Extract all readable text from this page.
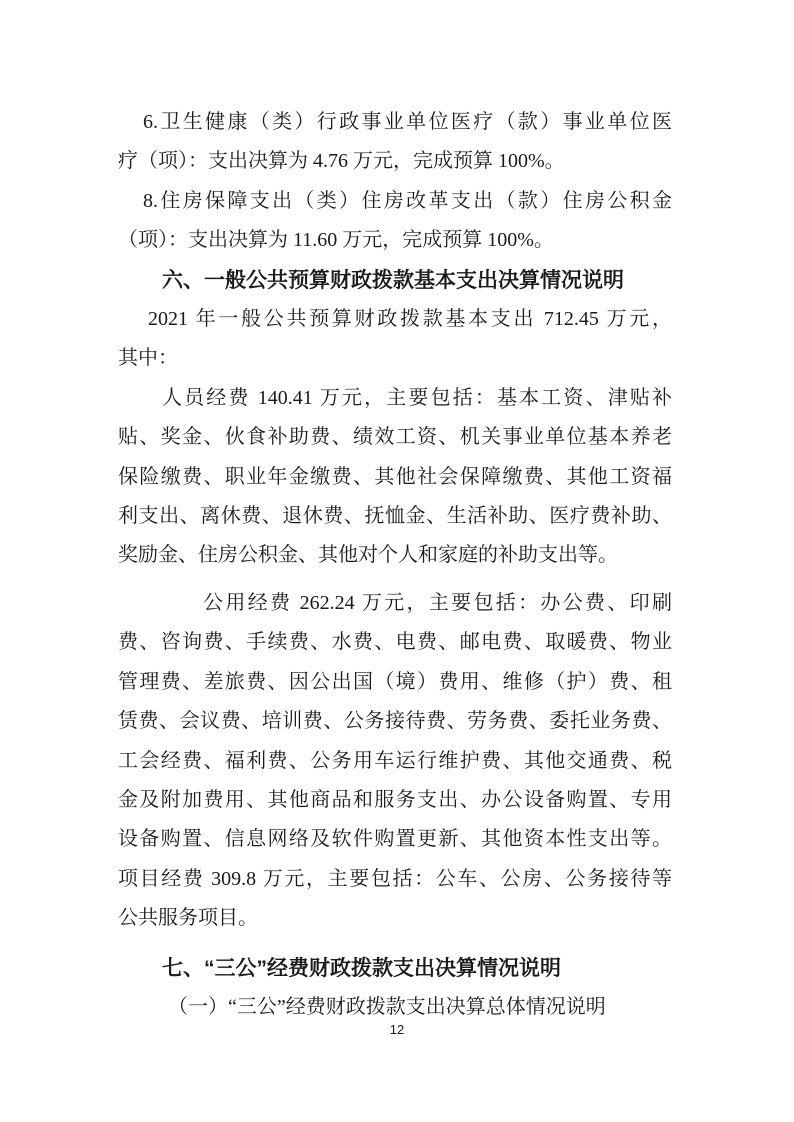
6.卫生健康（类）行政事业单位医疗（款）事业单位医
疗（项）：支出决算为 4.76 万元，完成预算 100%。
8.住房保障支出（类）住房改革支出（款）住房公积金
（项）：支出决算为 11.60 万元，完成预算 100%。
六、一般公共预算财政拨款基本支出决算情况说明
2021 年一般公共预算财政拨款基本支出 712.45 万元，
其中：
人员经费 140.41 万元，主要包括：基本工资、津贴补
贴、奖金、伙食补助费、绩效工资、机关事业单位基本养老
保险缴费、职业年金缴费、其他社会保障缴费、其他工资福
利支出、离休费、退休费、抚恤金、生活补助、医疗费补助、
奖励金、住房公积金、其他对个人和家庭的补助支出等。
公用经费 262.24 万元，主要包括：办公费、印刷
费、咨询费、手续费、水费、电费、邮电费、取暖费、物业
管理费、差旅费、因公出国（境）费用、维修（护）费、租
赁费、会议费、培训费、公务接待费、劳务费、委托业务费、
工会经费、福利费、公务用车运行维护费、其他交通费、税
金及附加费用、其他商品和服务支出、办公设备购置、专用
设备购置、信息网络及软件购置更新、其他资本性支出等。
项目经费 309.8 万元，主要包括：公车、公房、公务接待等
公共服务项目。
七、“三公”经费财政拨款支出决算情况说明
（一）“三公”经费财政拨款支出决算总体情况说明
12
